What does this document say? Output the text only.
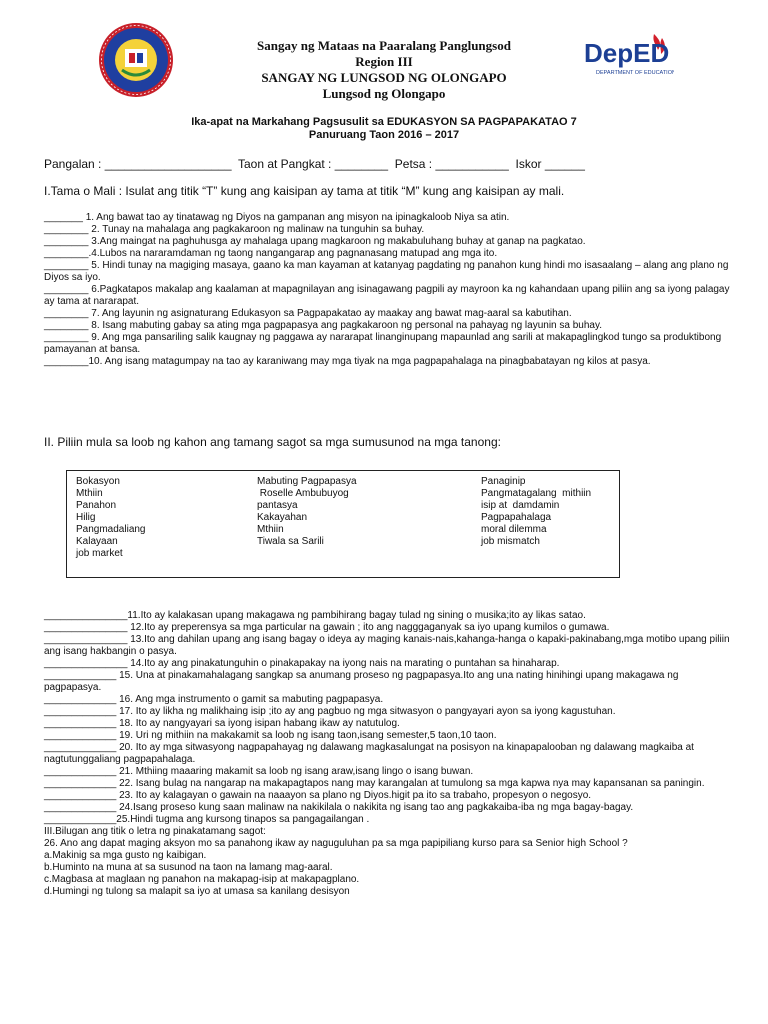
DepED
DEPARTMENT OF EDUCATION
Sangay ng Mataas na Paaralang Panglungsod
Region III
SANGAY NG LUNGSOD NG OLONGAPO
Lungsod ng Olongapo
Ika-apat na Markahang Pagsusulit sa EDUKASYON SA PAGPAPAKATAO 7
Panuruang Taon 2016 – 2017
Pangalan : ___________________  Taon at Pangkat : ________  Petsa : ___________  Iskor ______
I.Tama o Mali : Isulat ang titik “T” kung ang kaisipan ay tama at titik “M” kung ang kaisipan ay mali.
_______ 1. Ang bawat tao ay tinatawag ng Diyos na gampanan ang misyon na ipinagkaloob Niya sa atin.
________ 2. Tunay na mahalaga ang pagkakaroon ng malinaw na tunguhin sa buhay.
________ 3.Ang maingat na paghuhusga ay mahalaga upang magkaroon ng makabuluhang buhay at ganap na pagkatao.
________.4.Lubos na nararamdaman ng taong nangangarap ang pagnanasang matupad ang mga ito.
________ 5. Hindi tunay na magiging masaya, gaano ka man kayaman at katanyag pagdating ng panahon kung hindi mo isasaalang – alang ang plano ng Diyos sa iyo.
________ 6.Pagkatapos makalap ang kaalaman at mapagnilayan ang isinagawang pagpili ay mayroon ka ng kahandaan upang piliin ang sa iyong palagay ay tama at nararapat.
________ 7. Ang layunin ng asignaturang Edukasyon sa Pagpapakatao ay maakay ang bawat mag-aaral sa kabutihan.
________ 8. Isang mabuting gabay sa ating mga pagpapasya ang pagkakaroon ng personal na pahayag ng layunin sa buhay.
________ 9. Ang mga pansariling salik kaugnay ng paggawa ay nararapat linanginupang mapaunlad ang sarili at makapaglingkod tungo sa produktibong pamayanan at bansa.
________10. Ang isang matagumpay na tao ay karaniwang may mga tiyak na mga pagpapahalaga na pinagbabatayan ng kilos at pasya.
II. Piliin mula sa loob ng kahon ang tamang sagot sa mga sumusunod na mga tanong:
Bokasyon
Mthiin
Panahon
Hilig
Pangmadaliang
Kalayaan
job market
Mabuting Pagpapasya
Roselle Ambubuyog
pantasya
Kakayahan
Mthiin
Tiwala sa Sarili
Panaginip
Pangmatagalang  mithiin
isip at  damdamin
Pagpapahalaga
moral dilemma
job mismatch
_______________11.Ito ay kalakasan upang makagawa ng pambihirang bagay tulad ng sining o musika;ito ay likas satao.
_______________ 12.Ito ay preperensya sa mga particular na gawain ; ito ang nagggaganyak sa iyo upang kumilos o gumawa.
_______________ 13.Ito ang dahilan upang ang isang bagay o ideya ay maging kanais-nais,kahanga-hanga o kapaki-pakinabang,mga motibo upang piliin ang isang hakbangin o pasya.
_______________ 14.Ito ay ang pinakatunguhin o pinakapakay na iyong nais na marating o puntahan sa hinaharap.
_____________ 15. Una at pinakamahalagang sangkap sa anumang proseso ng pagpapasya.Ito ang una nating hinihingi upang makagawa ng pagpapasya.
_____________ 16. Ang mga instrumento o gamit sa mabuting pagpapasya.
_____________ 17. Ito ay likha ng malikhaing isip ;ito ay ang pagbuo ng mga sitwasyon o pangyayari ayon sa iyong kagustuhan.
_____________ 18. Ito ay nangyayari sa iyong isipan habang ikaw ay natutulog.
_____________ 19. Uri ng mithiin na makakamit sa loob ng isang taon,isang semester,5 taon,10 taon.
_____________ 20. Ito ay mga sitwasyong nagpapahayag ng dalawang magkasalungat na posisyon na kinapapalooban ng dalawang magkaiba at nagtutunggaliang pagpapahalaga.
_____________ 21. Mthiing maaaring makamit sa loob ng isang araw,isang lingo o isang buwan.
_____________ 22. Isang bulag na nangarap na makapagtapos nang may karangalan at tumulong sa mga kapwa nya may kapansanan sa paningin.
_____________ 23. Ito ay kalagayan o gawain na naaayon sa plano ng Diyos.higit pa ito sa trabaho, propesyon o negosyo.
_____________ 24.Isang proseso kung saan malinaw na nakikilala o nakikita ng isang tao ang pagkakaiba-iba ng mga bagay-bagay.
_____________25.Hindi tugma ang kursong tinapos sa pangagailangan .
III.Bilugan ang titik o letra ng pinakatamang sagot:
26. Ano ang dapat maging aksyon mo sa panahong ikaw ay naguguluhan pa sa mga papipiliang kurso para sa Senior high School ?
a.Makinig sa mga gusto ng kaibigan.
b.Huminto na muna at sa susunod na taon na lamang mag-aaral.
c.Magbasa at maglaan ng panahon na makapag-isip at makapagplano.
d.Humingi ng tulong sa malapit sa iyo at umasa sa kanilang desisyon
